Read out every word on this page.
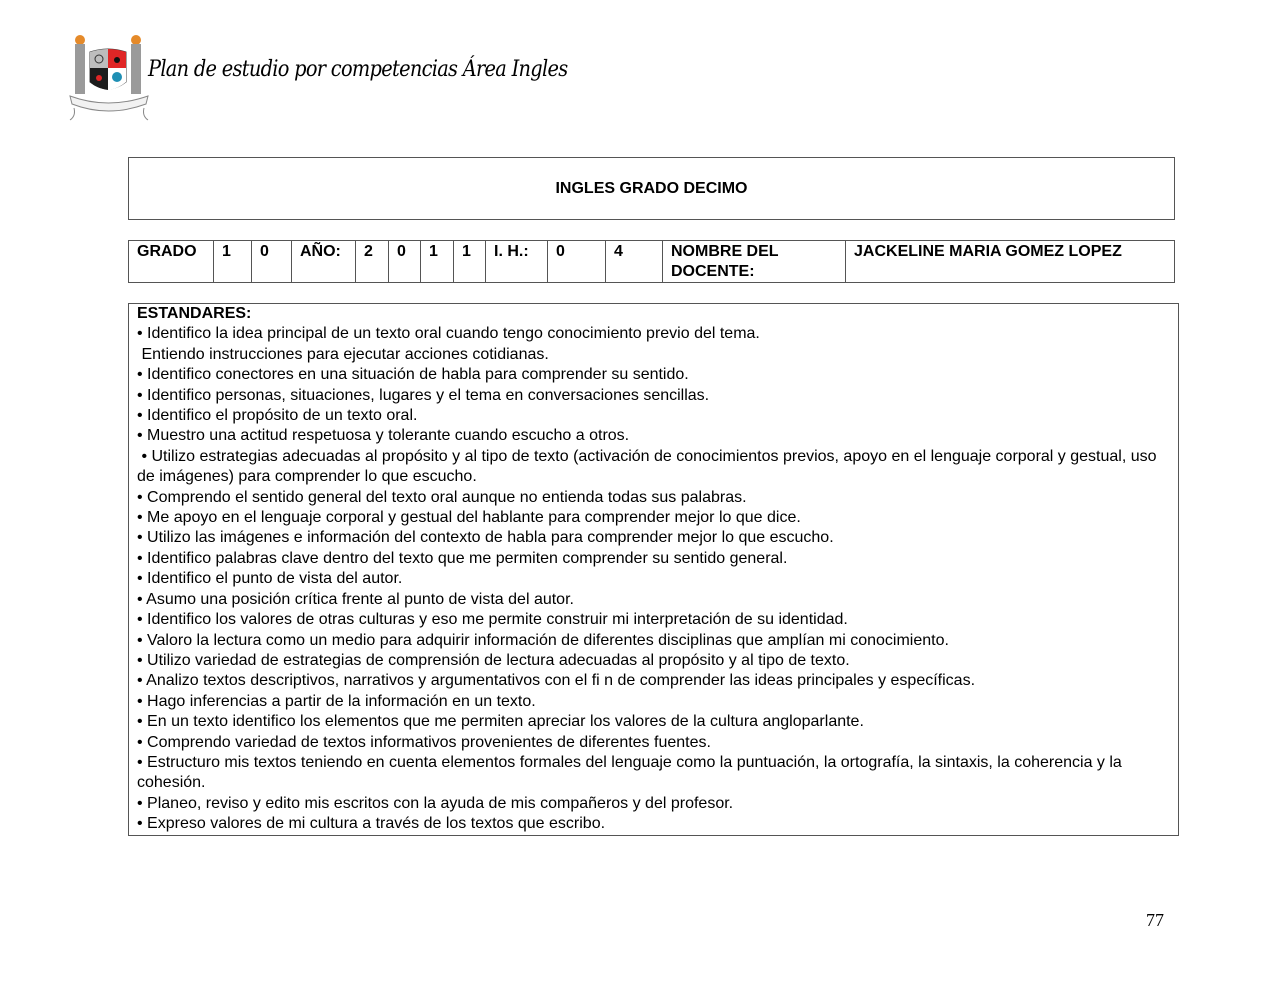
Plan de estudio por competencias Área Ingles
INGLES GRADO DECIMO
GRADO	1	0	AÑO:	2	0	1	1	I. H.:	0	4	NOMBRE DEL DOCENTE:	JACKELINE MARIA GOMEZ LOPEZ
ESTANDARES:
• Identifico la idea principal de un texto oral cuando tengo conocimiento previo del tema.
Entiendo instrucciones para ejecutar acciones cotidianas.
• Identifico conectores en una situación de habla para comprender su sentido.
• Identifico personas, situaciones, lugares y el tema en conversaciones sencillas.
• Identifico el propósito de un texto oral.
• Muestro una actitud respetuosa y tolerante cuando escucho a otros.
• Utilizo estrategias adecuadas al propósito y al tipo de texto (activación de conocimientos previos, apoyo en el lenguaje corporal y gestual, uso de imágenes) para comprender lo que escucho.
• Comprendo el sentido general del texto oral aunque no entienda todas sus palabras.
• Me apoyo en el lenguaje corporal y gestual del hablante para comprender mejor lo que dice.
• Utilizo las imágenes e información del contexto de habla para comprender mejor lo que escucho.
• Identifico palabras clave dentro del texto que me permiten comprender su sentido general.
• Identifico el punto de vista del autor.
• Asumo una posición crítica frente al punto de vista del autor.
• Identifico los valores de otras culturas y eso me permite construir mi interpretación de su identidad.
• Valoro la lectura como un medio para adquirir información de diferentes disciplinas que amplían mi conocimiento.
• Utilizo variedad de estrategias de comprensión de lectura adecuadas al propósito y al tipo de texto.
• Analizo textos descriptivos, narrativos y argumentativos con el fi n de comprender las ideas principales y específicas.
• Hago inferencias a partir de la información en un texto.
• En un texto identifico los elementos que me permiten apreciar los valores de la cultura angloparlante.
• Comprendo variedad de textos informativos provenientes de diferentes fuentes.
• Estructuro mis textos teniendo en cuenta elementos formales del lenguaje como la puntuación, la ortografía, la sintaxis, la coherencia y la cohesión.
• Planeo, reviso y edito mis escritos con la ayuda de mis compañeros y del profesor.
• Expreso valores de mi cultura a través de los textos que escribo.
77
